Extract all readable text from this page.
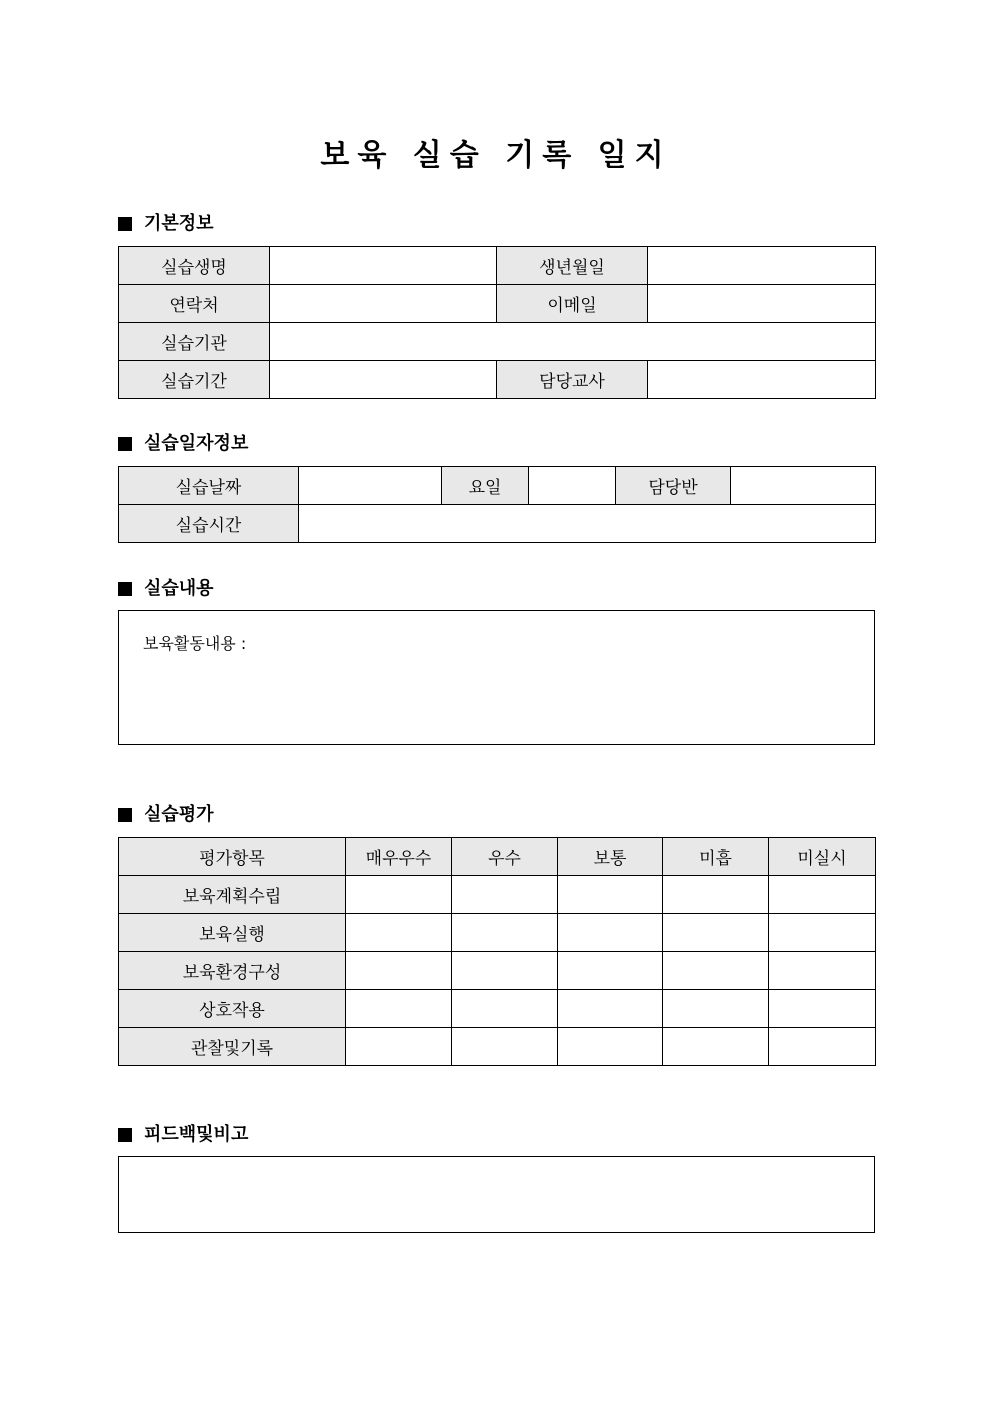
보육 실습 기록 일지
기본정보
실습생명		생년월일	
연락처		이메일	
실습기관			
실습기간		담당교사	
실습일자정보
실습날짜		요일		담당반	
실습시간					
실습내용
보육활동내용 :
실습평가
평가항목	매우우수	우수	보통	미흡	미실시
보육계획수립					
보육실행					
보육환경구성					
상호작용					
관찰및기록					
피드백및비고
